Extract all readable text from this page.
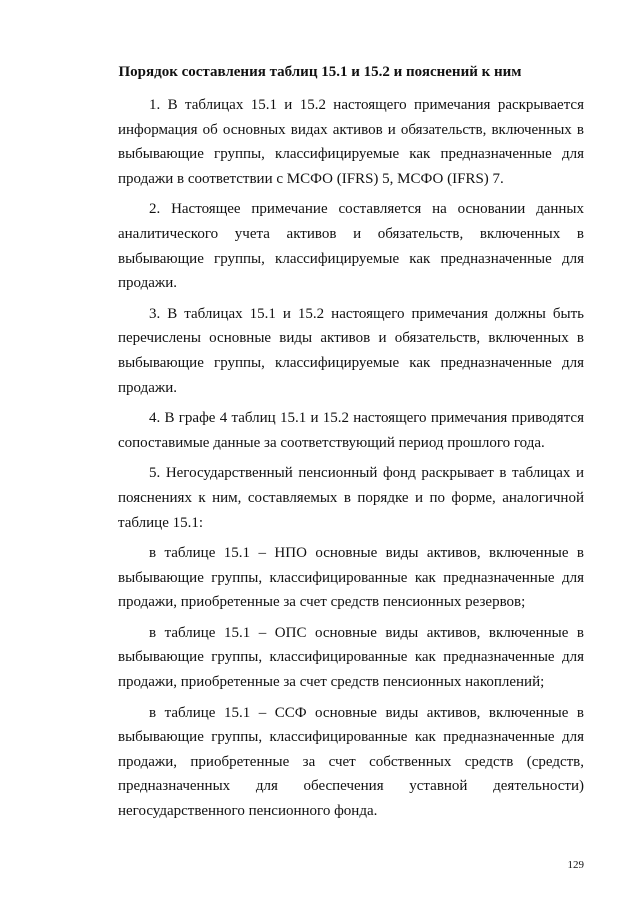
Порядок составления таблиц 15.1 и 15.2 и пояснений к ним

1. В таблицах 15.1 и 15.2 настоящего примечания раскрывается информация об основных видах активов и обязательств, включенных в выбывающие группы, классифицируемые как предназначенные для продажи в соответствии с МСФО (IFRS) 5, МСФО (IFRS) 7.

2. Настоящее примечание составляется на основании данных аналитического учета активов и обязательств, включенных в выбывающие группы, классифицируемые как предназначенные для продажи.

3. В таблицах 15.1 и 15.2 настоящего примечания должны быть перечислены основные виды активов и обязательств, включенных в выбывающие группы, классифицируемые как предназначенные для продажи.

4. В графе 4 таблиц 15.1 и 15.2 настоящего примечания приводятся сопоставимые данные за соответствующий период прошлого года.

5. Негосударственный пенсионный фонд раскрывает в таблицах и пояснениях к ним, составляемых в порядке и по форме, аналогичной таблице 15.1:

в таблице 15.1 – НПО основные виды активов, включенные в выбывающие группы, классифицированные как предназначенные для продажи, приобретенные за счет средств пенсионных резервов;

в таблице 15.1 – ОПС основные виды активов, включенные в выбывающие группы, классифицированные как предназначенные для продажи, приобретенные за счет средств пенсионных накоплений;

в таблице 15.1 – ССФ основные виды активов, включенные в выбывающие группы, классифицированные как предназначенные для продажи, приобретенные за счет собственных средств (средств, предназначенных для обеспечения уставной деятельности) негосударственного пенсионного фонда.

129
